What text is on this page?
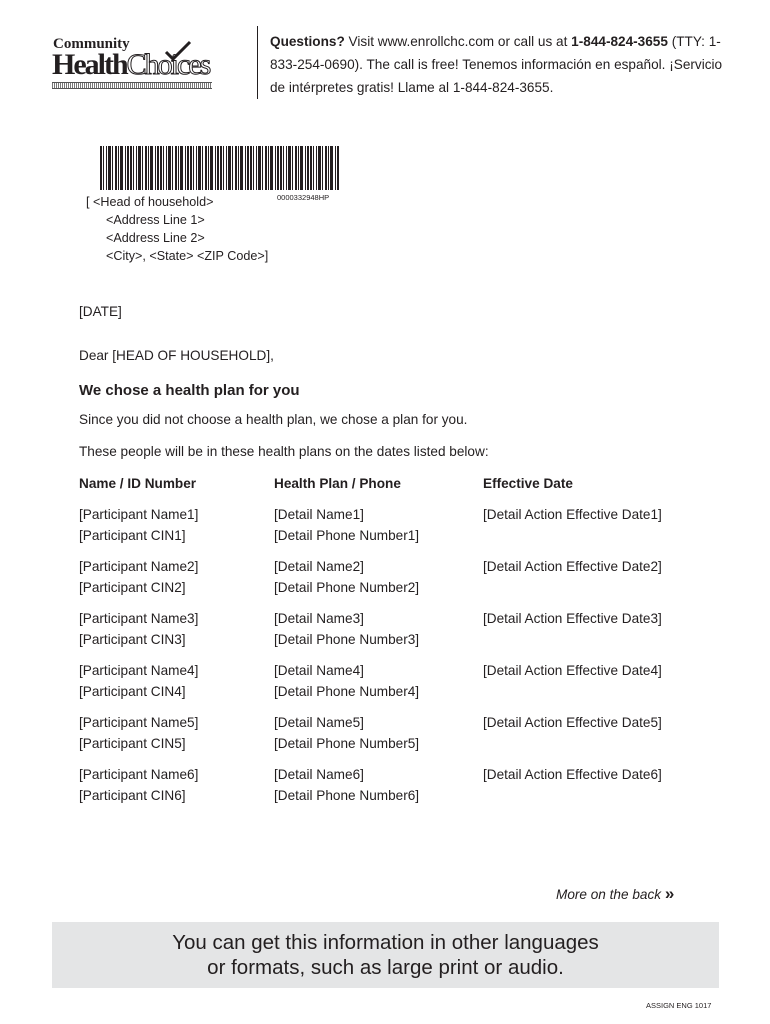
Community
HealthChoices
Questions? Visit www.enrollchc.com or call us at 1-844-824-3655 (TTY: 1-833-254-0690). The call is free! Tenemos información en español. ¡Servicio de intérpretes gratis! Llame al 1-844-824-3655.
0000332948HP
[ <Head of household>
<Address Line 1>
<Address Line 2>
<City>, <State> <ZIP Code>]
[DATE]
Dear [HEAD OF HOUSEHOLD],
We chose a health plan for you
Since you did not choose a health plan, we chose a plan for you.
These people will be in these health plans on the dates listed below:
Name / ID Number	Health Plan / Phone	Effective Date
[Participant Name1]
[Participant CIN1]
[Detail Name1]
[Detail Phone Number1]
[Detail Action Effective Date1]
[Participant Name2]
[Participant CIN2]
[Detail Name2]
[Detail Phone Number2]
[Detail Action Effective Date2]
[Participant Name3]
[Participant CIN3]
[Detail Name3]
[Detail Phone Number3]
[Detail Action Effective Date3]
[Participant Name4]
[Participant CIN4]
[Detail Name4]
[Detail Phone Number4]
[Detail Action Effective Date4]
[Participant Name5]
[Participant CIN5]
[Detail Name5]
[Detail Phone Number5]
[Detail Action Effective Date5]
[Participant Name6]
[Participant CIN6]
[Detail Name6]
[Detail Phone Number6]
[Detail Action Effective Date6]
More on the back »
You can get this information in other languages
or formats, such as large print or audio.
ASSIGN ENG 1017
